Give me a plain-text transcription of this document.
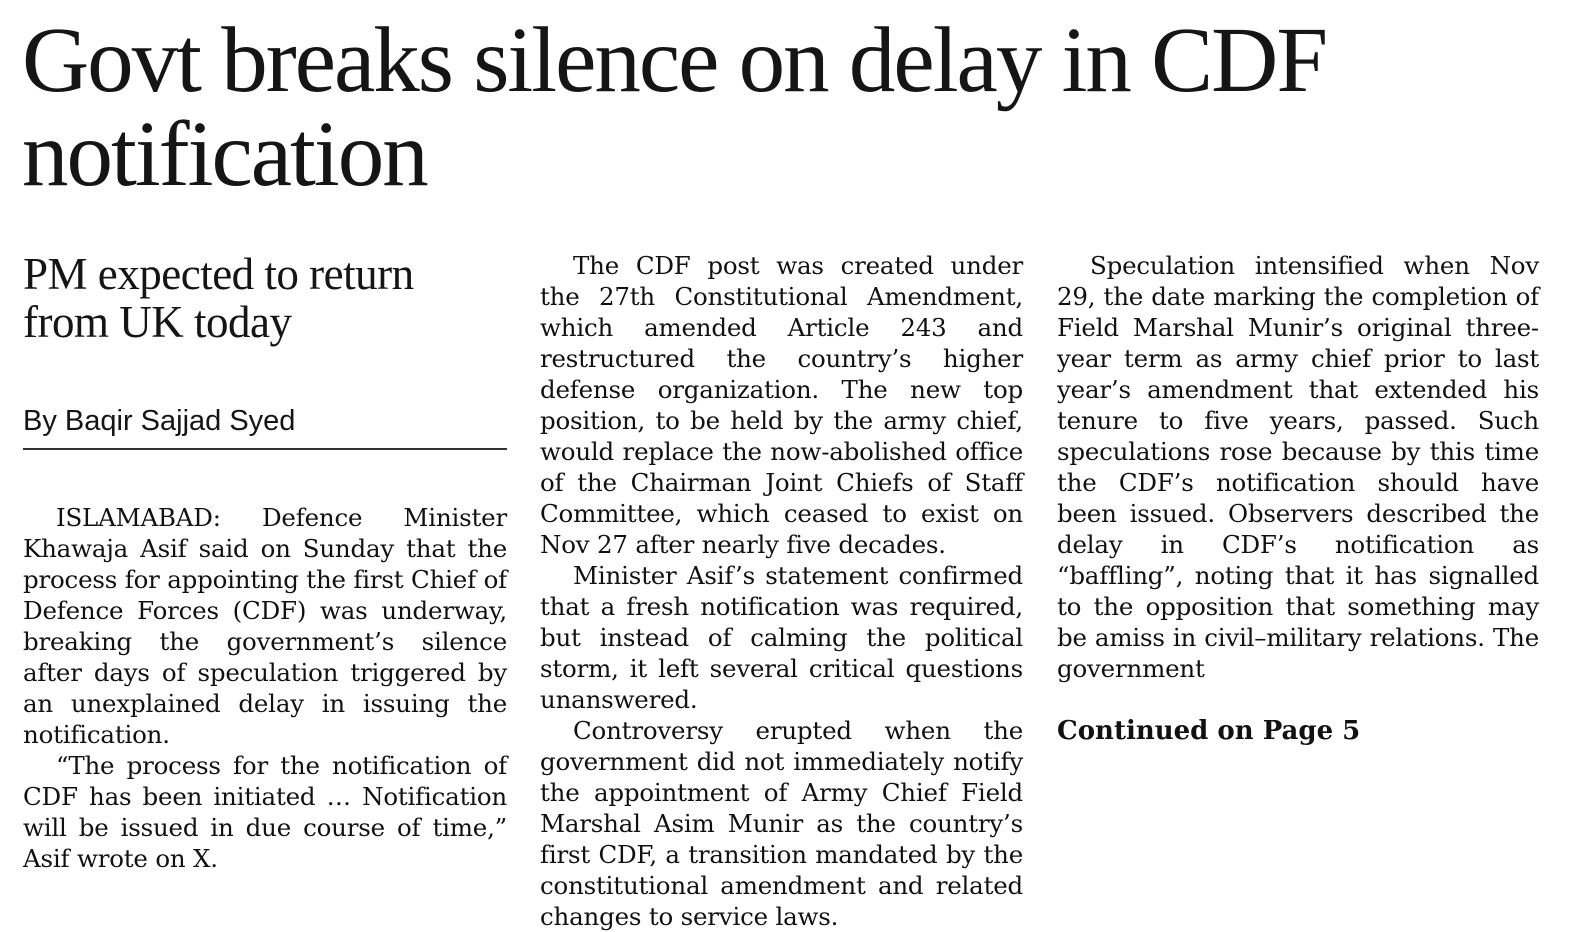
Govt breaks silence on delay in CDF notification
PM expected to return from UK today
By Baqir Sajjad Syed

ISLAMABAD: Defence Minister Khawaja Asif said on Sunday that the process for appointing the first Chief of Defence Forces (CDF) was underway, breaking the government’s silence after days of speculation triggered by an unexplained delay in issuing the notification.

“The process for the notification of CDF has been initiated … Notification will be issued in due course of time,” Asif wrote on X.

The CDF post was created under the 27th Constitutional Amendment, which amended Article 243 and restructured the country’s higher defense organization. The new top position, to be held by the army chief, would replace the now-abolished office of the Chairman Joint Chiefs of Staff Committee, which ceased to exist on Nov 27 after nearly five decades.

Minister Asif’s statement confirmed that a fresh notification was required, but instead of calming the political storm, it left several critical questions unanswered.

Controversy erupted when the government did not immediately notify the appointment of Army Chief Field Marshal Asim Munir as the country’s first CDF, a transition mandated by the constitutional amendment and related changes to service laws.

Speculation intensified when Nov 29, the date marking the completion of Field Marshal Munir’s original three-year term as army chief prior to last year’s amendment that extended his tenure to five years, passed. Such speculations rose because by this time the CDF’s notification should have been issued. Observers described the delay in CDF’s notification as “baffling”, noting that it has signalled to the opposition that something may be amiss in civil–military relations. The government

Continued on Page 5
